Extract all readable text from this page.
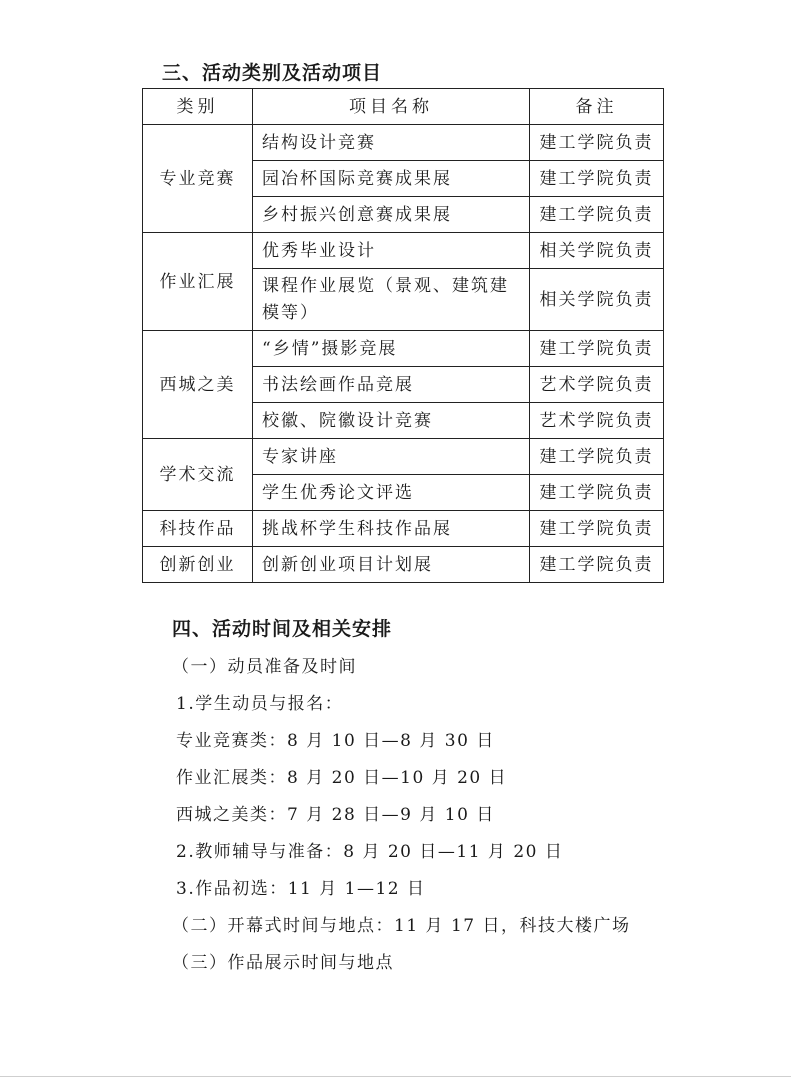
三、活动类别及活动项目
类别	项目名称	备注
专业竞赛	结构设计竞赛	建工学院负责
	园冶杯国际竞赛成果展	建工学院负责
	乡村振兴创意赛成果展	建工学院负责
作业汇展	优秀毕业设计	相关学院负责
	课程作业展览（景观、建筑建模等）	相关学院负责
西城之美	“乡情”摄影竞展	建工学院负责
	书法绘画作品竞展	艺术学院负责
	校徽、院徽设计竞赛	艺术学院负责
学术交流	专家讲座	建工学院负责
	学生优秀论文评选	建工学院负责
科技作品	挑战杯学生科技作品展	建工学院负责
创新创业	创新创业项目计划展	建工学院负责
四、活动时间及相关安排
（一）动员准备及时间
1.学生动员与报名：
专业竞赛类：8 月 10 日—8 月 30 日
作业汇展类：8 月 20 日—10 月 20 日
西城之美类：7 月 28 日—9 月 10 日
2.教师辅导与准备：8 月 20 日—11 月 20 日
3.作品初选：11 月 1—12 日
（二）开幕式时间与地点：11 月 17 日，科技大楼广场
（三）作品展示时间与地点
